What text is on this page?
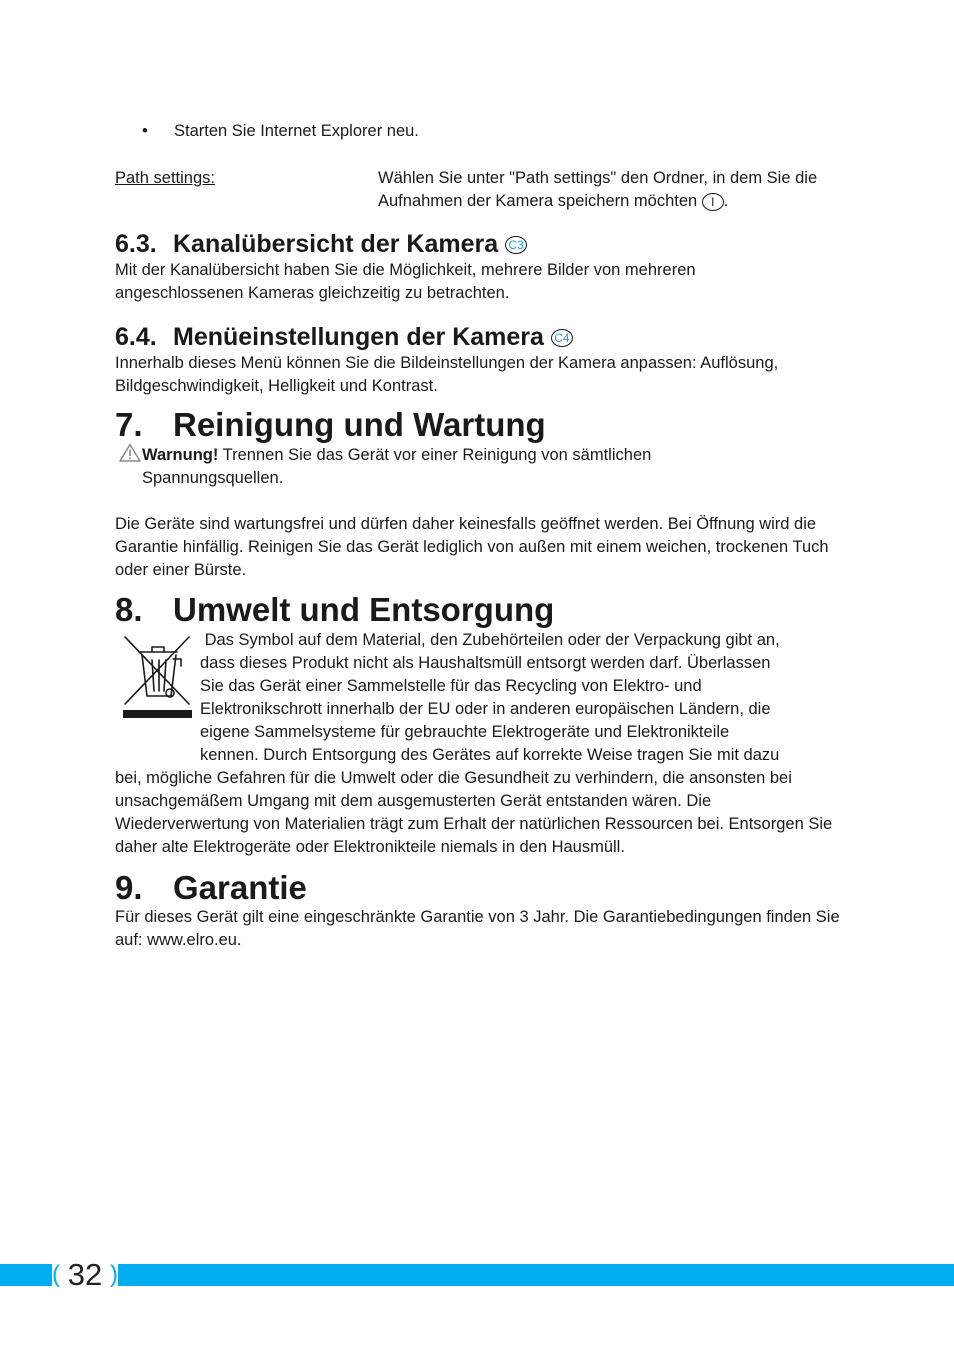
• Starten Sie Internet Explorer neu.
Path settings:	Wählen Sie unter "Path settings" den Ordner, in dem Sie die Aufnahmen der Kamera speichern möchten I .
6.3. Kanalübersicht der Kamera C3
Mit der Kanalübersicht haben Sie die Möglichkeit, mehrere Bilder von mehreren angeschlossenen Kameras gleichzeitig zu betrachten.
6.4. Menüeinstellungen der Kamera C4
Innerhalb dieses Menü können Sie die Bildeinstellungen der Kamera anpassen: Auflösung, Bildgeschwindigkeit, Helligkeit und Kontrast.
7. Reinigung und Wartung
Warnung! Trennen Sie das Gerät vor einer Reinigung von sämtlichen Spannungsquellen.
Die Geräte sind wartungsfrei und dürfen daher keinesfalls geöffnet werden. Bei Öffnung wird die Garantie hinfällig. Reinigen Sie das Gerät lediglich von außen mit einem weichen, trockenen Tuch oder einer Bürste.
8. Umwelt und Entsorgung
Das Symbol auf dem Material, den Zubehörteilen oder der Verpackung gibt an,
dass dieses Produkt nicht als Haushaltsmüll entsorgt werden darf. Überlassen
Sie das Gerät einer Sammelstelle für das Recycling von Elektro- und
Elektronikschrott innerhalb der EU oder in anderen europäischen Ländern, die
eigene Sammelsysteme für gebrauchte Elektrogeräte und Elektronikteile
kennen. Durch Entsorgung des Gerätes auf korrekte Weise tragen Sie mit dazu
bei, mögliche Gefahren für die Umwelt oder die Gesundheit zu verhindern, die ansonsten bei unsachgemäßem Umgang mit dem ausgemusterten Gerät entstanden wären. Die Wiederverwertung von Materialien trägt zum Erhalt der natürlichen Ressourcen bei. Entsorgen Sie daher alte Elektrogeräte oder Elektronikteile niemals in den Hausmüll.
9. Garantie
Für dieses Gerät gilt eine eingeschränkte Garantie von 3 Jahr. Die Garantiebedingungen finden Sie auf: www.elro.eu.
( 32 )
